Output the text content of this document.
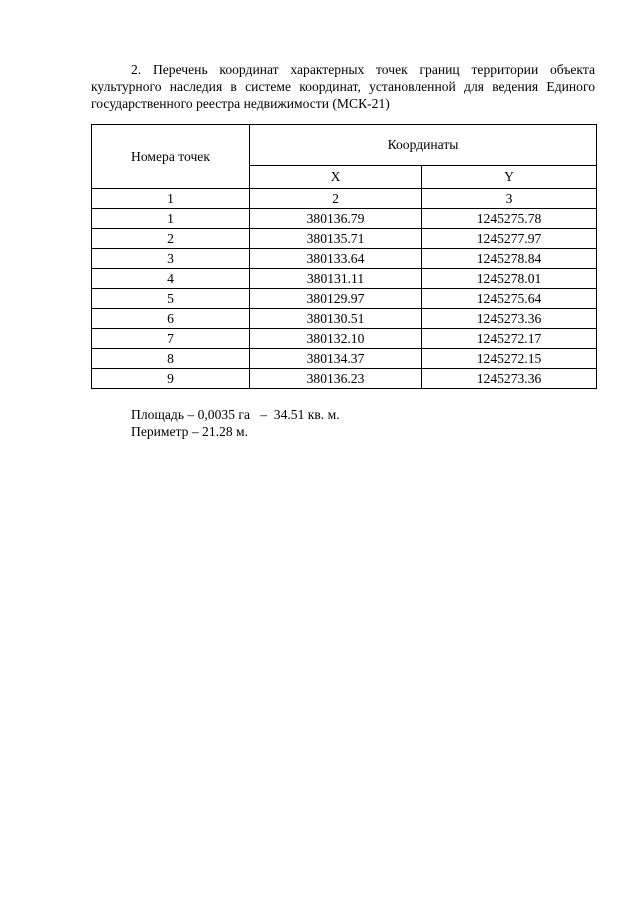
2. Перечень координат характерных точек границ территории объекта культурного наследия в системе координат, установленной для ведения Единого государственного реестра недвижимости (МСК-21)

Номера точек	Координаты	
	X	Y
1	2	3
1	380136.79	1245275.78
2	380135.71	1245277.97
3	380133.64	1245278.84
4	380131.11	1245278.01
5	380129.97	1245275.64
6	380130.51	1245273.36
7	380132.10	1245272.17
8	380134.37	1245272.15
9	380136.23	1245273.36

Площадь – 0,0035 га   –  34.51 кв. м.

Периметр – 21.28 м.
